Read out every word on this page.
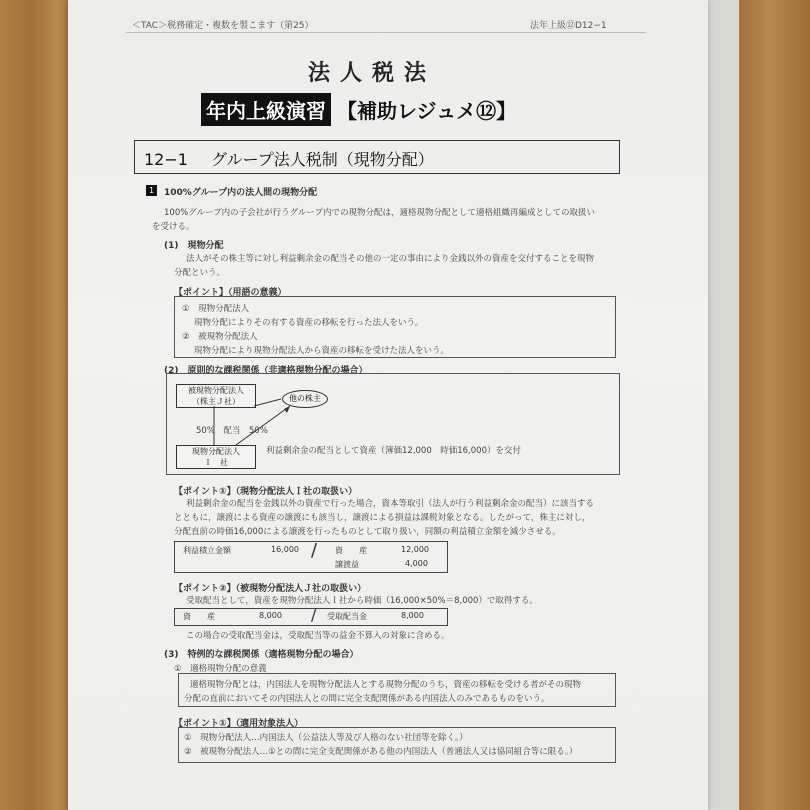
＜TAC＞税務確定・複数を製こます（第25）	法年上級⑫D12−1
法人税法
年内上級演習 【補助レジュメ⑫】
12−1 グループ法人税制（現物分配）
1	100%グループ内の法人間の現物分配
100%グループ内の子会社が行うグループ内での現物分配は，適格現物分配として適格組織再編成としての取扱い
を受ける。
(1)　現物分配
法人がその株主等に対し利益剰余金の配当その他の一定の事由により金銭以外の資産を交付することを現物
分配という。
【ポイント】（用語の意義）
①　現物分配法人
現物分配によりその有する資産の移転を行った法人をいう。
②　被現物分配法人
現物分配により現物分配法人から資産の移転を受けた法人をいう。
(2)　原則的な課税関係（非適格現物分配の場合）
被現物分配法人
（株主Ｊ社）	他の株主
50%　配当　50%
現物分配法人
Ｉ　社
利益剰余金の配当として資産（簿価12,000　時価16,000）を交付
【ポイント①】（現物分配法人Ｉ社の取扱い）
利益剰余金の配当を金銭以外の資産で行った場合，資本等取引（法人が行う利益剰余金の配当）に該当する
とともに，譲渡による資産の譲渡にも該当し，譲渡による損益は課税対象となる。したがって，株主に対し，
分配直前の時価16,000による譲渡を行ったものとして取り扱い，同額の利益積立金額を減少させる。
利益積立金額	16,000 / 資　　産	12,000
譲渡益	4,000
【ポイント②】（被現物分配法人Ｊ社の取扱い）
受取配当として，資産を現物分配法人Ｉ社から時価（16,000×50%＝8,000）で取得する。
資　　産	8,000 / 受取配当金	8,000
この場合の受取配当金は，受取配当等の益金不算入の対象に含める。
(3)　特例的な課税関係（適格現物分配の場合）
①　適格現物分配の意義
適格現物分配とは，内国法人を現物分配法人とする現物分配のうち，資産の移転を受ける者がその現物
分配の直前においてその内国法人との間に完全支配関係がある内国法人のみであるものをいう。
【ポイント①】（適用対象法人）
①　現物分配法人…内国法人（公益法人等及び人格のない社団等を除く。）
②　被現物分配法人…①との間に完全支配関係がある他の内国法人（普通法人又は協同組合等に限る。）
